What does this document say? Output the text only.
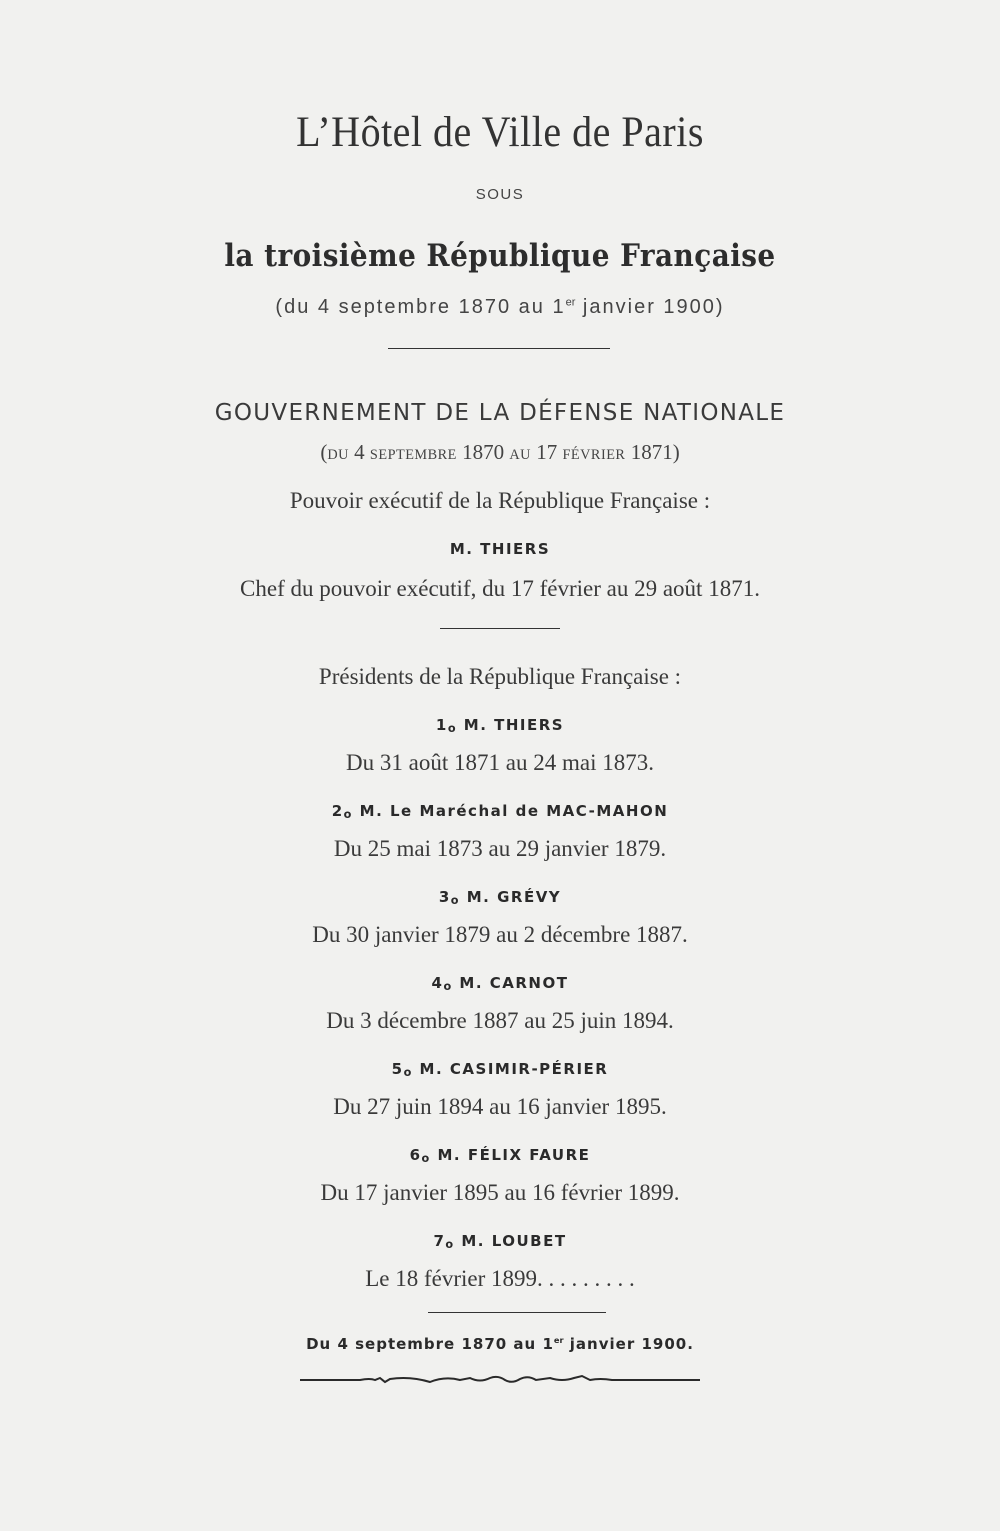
L’Hôtel de Ville de Paris
SOUS
la troisième République Française
(du 4 septembre 1870 au 1er janvier 1900)
GOUVERNEMENT DE LA DÉFENSE NATIONALE
(DU 4 SEPTEMBRE 1870 AU 17 FÉVRIER 1871)
Pouvoir exécutif de la République Française :
M. THIERS
Chef du pouvoir exécutif, du 17 février au 29 août 1871.
Présidents de la République Française :
1o M. THIERS
Du 31 août 1871 au 24 mai 1873.
2o M. Le Maréchal de MAC-MAHON
Du 25 mai 1873 au 29 janvier 1879.
3o M. GRÉVY
Du 30 janvier 1879 au 2 décembre 1887.
4o M. CARNOT
Du 3 décembre 1887 au 25 juin 1894.
5o M. CASIMIR-PÉRIER
Du 27 juin 1894 au 16 janvier 1895.
6o M. FÉLIX FAURE
Du 17 janvier 1895 au 16 février 1899.
7o M. LOUBET
Le 18 février 1899. . . . . . . . .
Du 4 septembre 1870 au 1er janvier 1900.
